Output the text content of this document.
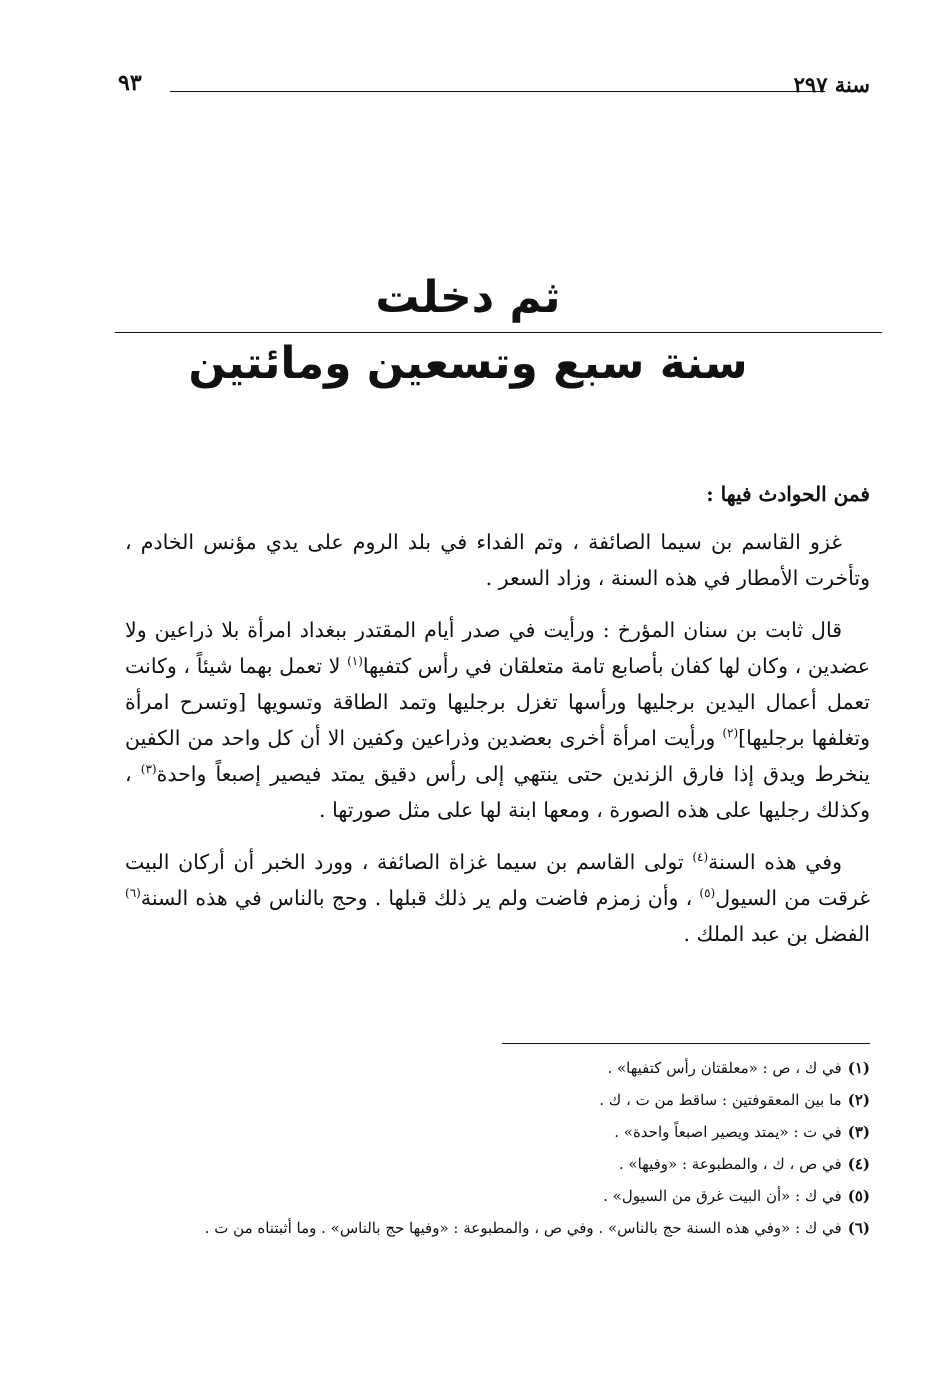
سنة ٢٩٧
٩٣
ثم دخلت
سنة سبع وتسعين ومائتين
فمن الحوادث فيها :

غزو القاسم بن سيما الصائفة ، وتم الفداء في بلد الروم على يدي مؤنس الخادم ، وتأخرت الأمطار في هذه السنة ، وزاد السعر .

قال ثابت بن سنان المؤرخ : ورأيت في صدر أيام المقتدر ببغداد امرأة بلا ذراعين ولا عضدين ، وكان لها كفان بأصابع تامة متعلقان في رأس كتفيها$^{(١)}$ لا تعمل بهما شيئاً ، وكانت تعمل أعمال اليدين برجليها ورأسها تغزل برجليها وتمد الطاقة وتسويها [وتسرح امرأة وتغلفها برجليها]$^{(٢)}$ ورأيت امرأة أخرى بعضدين وذراعين وكفين الا أن كل واحد من الكفين ينخرط ويدق إذا فارق الزندين حتى ينتهي إلى رأس دقيق يمتد فيصير إصبعاً واحدة$^{(٣)}$ ، وكذلك رجليها على هذه الصورة ، ومعها ابنة لها على مثل صورتها .

وفي هذه السنة$^{(٤)}$ تولى القاسم بن سيما غزاة الصائفة ، وورد الخبر أن أركان البيت غرقت من السيول$^{(٥)}$ ، وأن زمزم فاضت ولم ير ذلك قبلها . وحج بالناس في هذه السنة$^{(٦)}$ الفضل بن عبد الملك .

(١)في ك ، ص : «معلقتان رأس كتفيها» .
(٢)ما بين المعقوفتين : ساقط من ت ، ك .
(٣)في ت : «يمتد ويصير اصبعاً واحدة» .
(٤)في ص ، ك ، والمطبوعة : «وفيها» .
(٥)في ك : «أن البيت غرق من السيول» .
(٦)في ك : «وفي هذه السنة حج بالناس» . وفي ص ، والمطبوعة : «وفيها حج بالناس» . وما أثبتناه من ت .
